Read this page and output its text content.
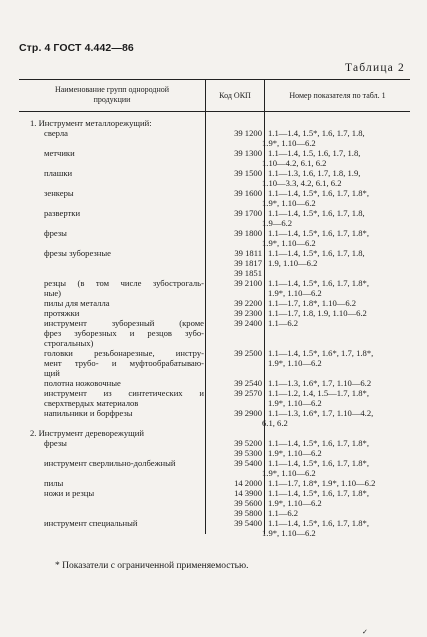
Стр. 4 ГОСТ 4.442—86
Таблица 2
Наименование групп однородной
продукции	Код ОКП	Номер показателя по табл. 1
1. Инструмент металлорежущий:
сверла	39 1200 1.1—1.4, 1.5*, 1.6, 1.7, 1.8,
1.9*, 1.10—6.2
метчики	39 1300 1.1—1.4, 1.5, 1.6, 1.7, 1.8,
1.10—4.2, 6.1, 6.2
плашки	39 1500 1.1—1.3, 1.6, 1.7, 1.8, 1.9,
1.10—3.3, 4.2, 6.1, 6.2
зенкеры	39 1600 1.1—1.4, 1.5*, 1.6, 1.7, 1.8*,
1.9*, 1.10—6.2
развертки	39 1700 1.1—1.4, 1.5*, 1.6, 1.7, 1.8,
1.9—6.2
фрезы	39 1800 1.1—1.4, 1.5*, 1.6, 1.7, 1.8*,
1.9*, 1.10—6.2
фрезы зуборезные	39 1811 1.1—1.4, 1.5*, 1.6, 1.7, 1.8,
39 1817 1.9, 1.10—6.2
39 1851
резцы (в том числе зубострогаль-	39 2100 1.1—1.4, 1.5*, 1.6, 1.7, 1.8*,
ные)	1.9*, 1.10—6.2
пилы для металла	39 2200 1.1—1.7, 1.8*, 1.10—6.2
протяжки	39 2300 1.1—1.7, 1.8, 1.9, 1.10—6.2
инструмент	зуборезный	(кроме	39 2400 1.1—6.2
фрез зуборезных и резцов зубо-
строгальных)
головки резьбонарезные, инстру-	39 2500 1.1—1.4, 1.5*, 1.6*, 1.7, 1.8*,
мент трубо- и муфтообрабатываю-	1.9*, 1.10—6.2
щий
полотна ножовочные	39 2540 1.1—1.3, 1.6*, 1.7, 1.10—6.2
инструмент из синтетических и	39 2570 1.1—1.2, 1.4, 1.5—1.7, 1.8*,
сверхтвердых материалов	1.9*, 1.10—6.2
напильники и борфрезы	39 2900 1.1—1.3, 1.6*, 1.7, 1.10—4.2,
6.1, 6.2
2. Инструмент дереворежущий
фрезы	39 5200 1.1—1.4, 1.5*, 1.6, 1.7, 1.8*,
39 5300 1.9*, 1.10—6.2
инструмент сверлильно-долбежный	39 5400 1.1—1.4, 1.5*, 1.6, 1.7, 1.8*,
1.9*, 1.10—6.2
пилы	14 2000 1.1—1.7, 1.8*, 1.9*, 1.10—6.2
ножи и резцы	14 3900 1.1—1.4, 1.5*, 1.6, 1.7, 1.8*,
39 5600 1.9*, 1.10—6.2
39 5800 1.1—6.2
инструмент специальный	39 5400 1.1—1.4, 1.5*, 1.6, 1.7, 1.8*,
1.9*, 1.10—6.2
* Показатели с ограниченной применяемостью.
✓
